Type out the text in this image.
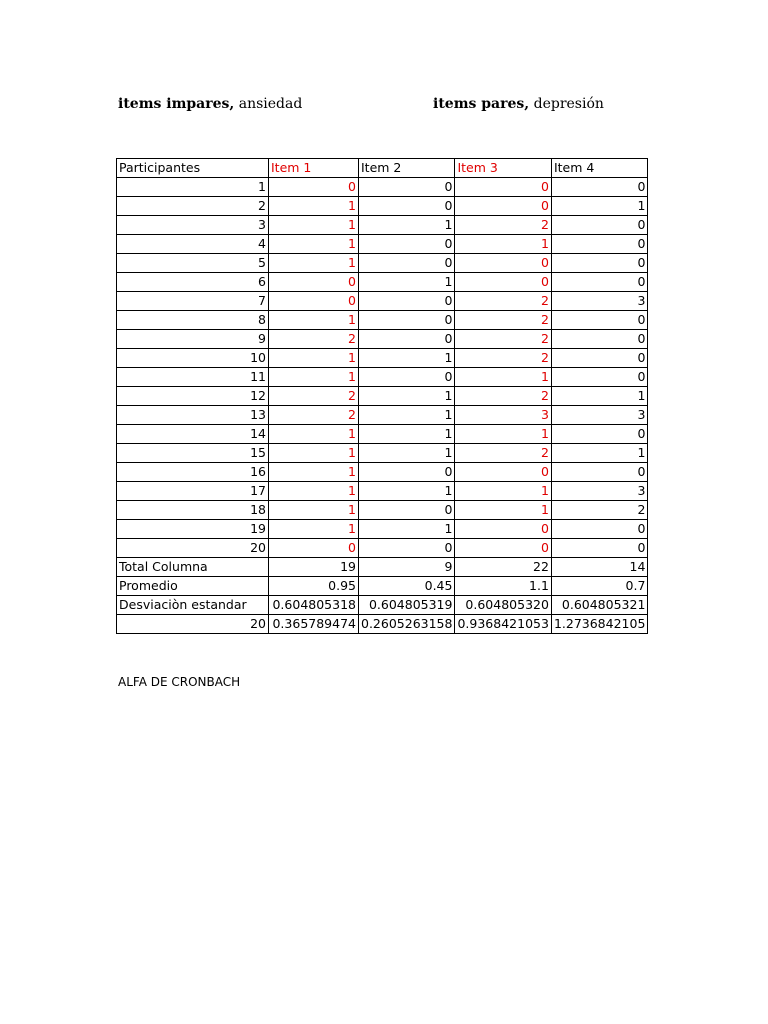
items impares, ansiedad	items pares, depresión
Participantes	Item 1	Item 2	Item 3	Item 4
1	0	0	0	0
2	1	0	0	1
3	1	1	2	0
4	1	0	1	0
5	1	0	0	0
6	0	1	0	0
7	0	0	2	3
8	1	0	2	0
9	2	0	2	0
10	1	1	2	0
11	1	0	1	0
12	2	1	2	1
13	2	1	3	3
14	1	1	1	0
15	1	1	2	1
16	1	0	0	0
17	1	1	1	3
18	1	0	1	2
19	1	1	0	0
20	0	0	0	0
Total Columna	19	9	22	14
Promedio	0.95	0.45	1.1	0.7
Desviaciòn estandar	0.604805318	0.604805319	0.604805320	0.604805321
20	0.365789474	0.2605263158	0.9368421053	1.2736842105
ALFA DE CRONBACH
